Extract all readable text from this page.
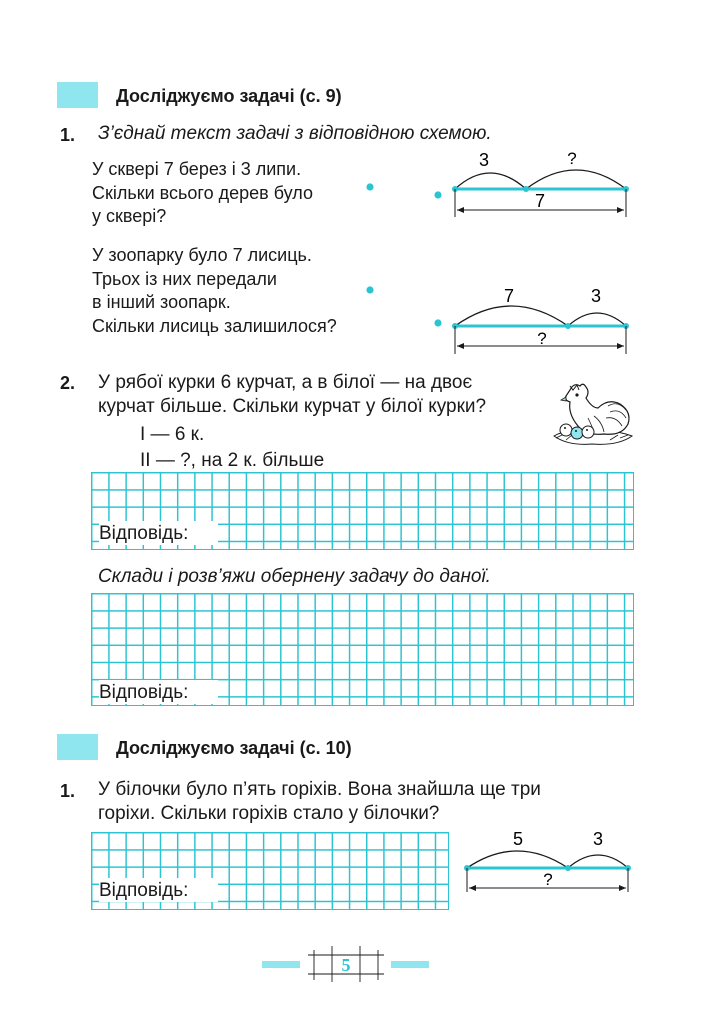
Досліджуємо задачі (с. 9)
1. З’єднай текст задачі з відповідною схемою.
У сквері 7 берез і 3 липи.
Скільки всього дерев було
у сквері?
У зоопарку було 7 лисиць.
Трьох із них передали
в інший зоопарк.
Скільки лисиць залишилося?
3	?
7
7	3
?
2. У рябої курки 6 курчат, а в білої — на двоє
курчат більше. Скільки курчат у білої курки?
І — 6 к.
ІІ — ?, на 2 к. більше
Відповідь:
Склади і розв’яжи обернену задачу до даної.
Відповідь:
Досліджуємо задачі (с. 10)
1. У білочки було п’ять горіхів. Вона знайшла ще три
горіхи. Скільки горіхів стало у білочки?
Відповідь:
5	3
?
5
